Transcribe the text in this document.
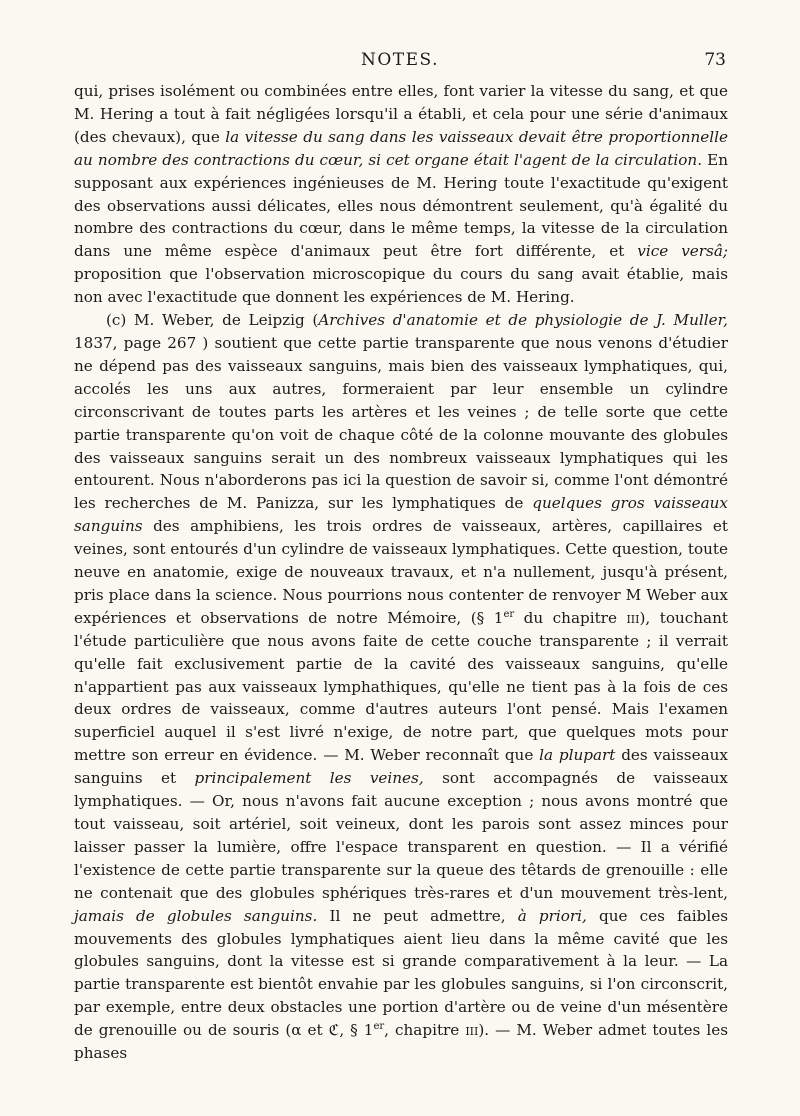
NOTES.	73

qui, prises isolément ou combinées entre elles, font varier la vitesse du sang, et que M. Hering a tout à fait négligées lorsqu'il a établi, et cela pour une série d'animaux (des chevaux), que la vitesse du sang dans les vaisseaux devait être proportionnelle au nombre des contractions du cœur, si cet organe était l'agent de la circulation. En supposant aux expériences ingénieuses de M. Hering toute l'exactitude qu'exigent des observations aussi délicates, elles nous démontrent seulement, qu'à égalité du nombre des contractions du cœur, dans le même temps, la vitesse de la circulation dans une même espèce d'animaux peut être fort différente, et vice versâ; proposition que l'observation microscopique du cours du sang avait établie, mais non avec l'exactitude que donnent les expériences de M. Hering.

(c) M. Weber, de Leipzig (Archives d'anatomie et de physiologie de J. Muller, 1837, page 267 ) soutient que cette partie transparente que nous venons d'étudier ne dépend pas des vaisseaux sanguins, mais bien des vaisseaux lymphatiques, qui, accolés les uns aux autres, formeraient par leur ensemble un cylindre circonscrivant de toutes parts les artères et les veines ; de telle sorte que cette partie transparente qu'on voit de chaque côté de la colonne mouvante des globules des vaisseaux sanguins serait un des nombreux vaisseaux lymphatiques qui les entourent. Nous n'aborderons pas ici la question de savoir si, comme l'ont démontré les recherches de M. Panizza, sur les lymphatiques de quelques gros vaisseaux sanguins des amphibiens, les trois ordres de vaisseaux, artères, capillaires et veines, sont entourés d'un cylindre de vaisseaux lymphatiques. Cette question, toute neuve en anatomie, exige de nouveaux travaux, et n'a nullement, jusqu'à présent, pris place dans la science. Nous pourrions nous contenter de renvoyer M Weber aux expériences et observations de notre Mémoire, (§ 1er du chapitre iii), touchant l'étude particulière que nous avons faite de cette couche transparente ; il verrait qu'elle fait exclusivement partie de la cavité des vaisseaux sanguins, qu'elle n'appartient pas aux vaisseaux lymphathiques, qu'elle ne tient pas à la fois de ces deux ordres de vaisseaux, comme d'autres auteurs l'ont pensé. Mais l'examen superficiel auquel il s'est livré n'exige, de notre part, que quelques mots pour mettre son erreur en évidence. — M. Weber reconnaît que la plupart des vaisseaux sanguins et principalement les veines, sont accompagnés de vaisseaux lymphatiques. — Or, nous n'avons fait aucune exception ; nous avons montré que tout vaisseau, soit artériel, soit veineux, dont les parois sont assez minces pour laisser passer la lumière, offre l'espace transparent en question. — Il a vérifié l'existence de cette partie transparente sur la queue des têtards de grenouille : elle ne contenait que des globules sphériques très-rares et d'un mouvement très-lent, jamais de globules sanguins. Il ne peut admettre, à priori, que ces faibles mouvements des globules lymphatiques aient lieu dans la même cavité que les globules sanguins, dont la vitesse est si grande comparativement à la leur. — La partie transparente est bientôt envahie par les globules sanguins, si l'on circonscrit, par exemple, entre deux obstacles une portion d'artère ou de veine d'un mésentère de grenouille ou de souris (α et ℭ, § 1er, chapitre iii). — M. Weber admet toutes les phases
